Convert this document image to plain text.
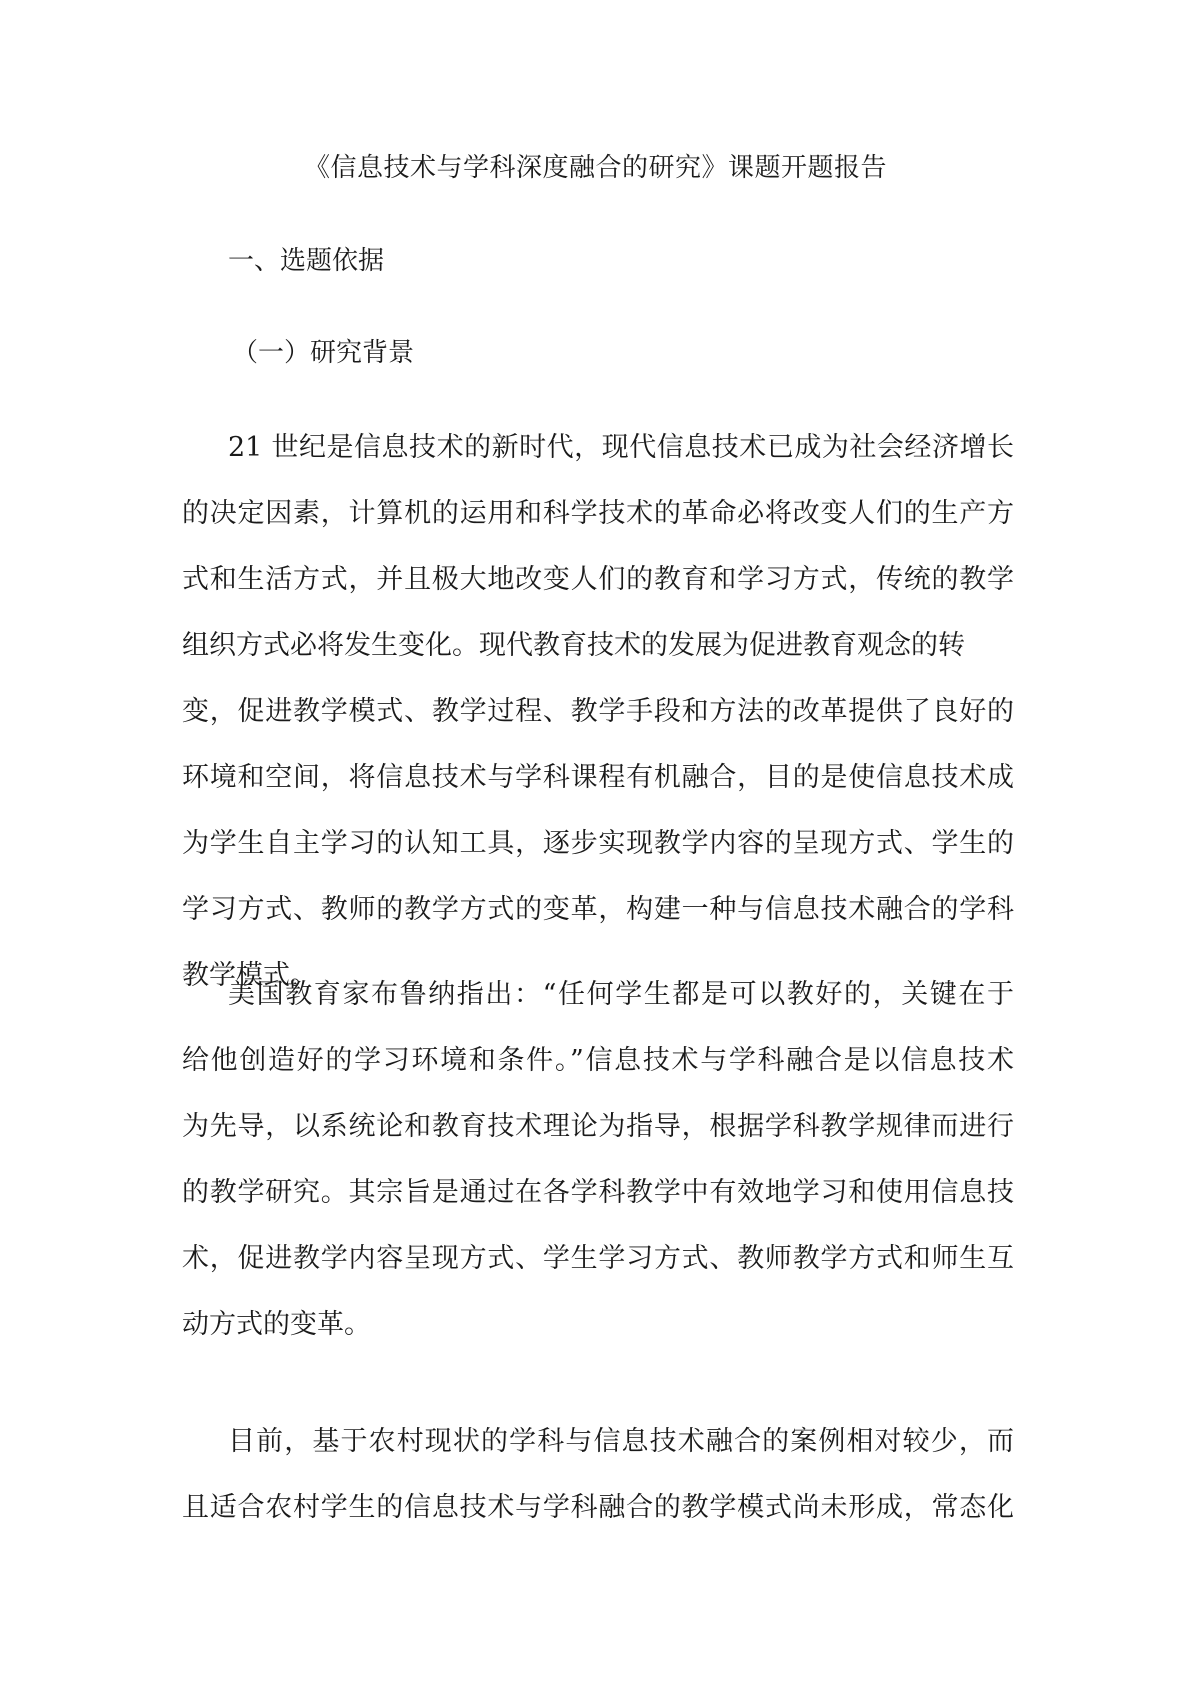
《信息技术与学科深度融合的研究》课题开题报告
一、选题依据
（一）研究背景
21 世纪是信息技术的新时代，现代信息技术已成为社会经济增长
的决定因素，计算机的运用和科学技术的革命必将改变人们的生产方
式和生活方式，并且极大地改变人们的教育和学习方式，传统的教学
组织方式必将发生变化。现代教育技术的发展为促进教育观念的转
变，促进教学模式、教学过程、教学手段和方法的改革提供了良好的
环境和空间，将信息技术与学科课程有机融合，目的是使信息技术成
为学生自主学习的认知工具，逐步实现教学内容的呈现方式、学生的
学习方式、教师的教学方式的变革，构建一种与信息技术融合的学科
教学模式。
美国教育家布鲁纳指出：“任何学生都是可以教好的，关键在于
给他创造好的学习环境和条件。”信息技术与学科融合是以信息技术
为先导，以系统论和教育技术理论为指导，根据学科教学规律而进行
的教学研究。其宗旨是通过在各学科教学中有效地学习和使用信息技
术，促进教学内容呈现方式、学生学习方式、教师教学方式和师生互
动方式的变革。
目前，基于农村现状的学科与信息技术融合的案例相对较少，而
且适合农村学生的信息技术与学科融合的教学模式尚未形成，常态化
